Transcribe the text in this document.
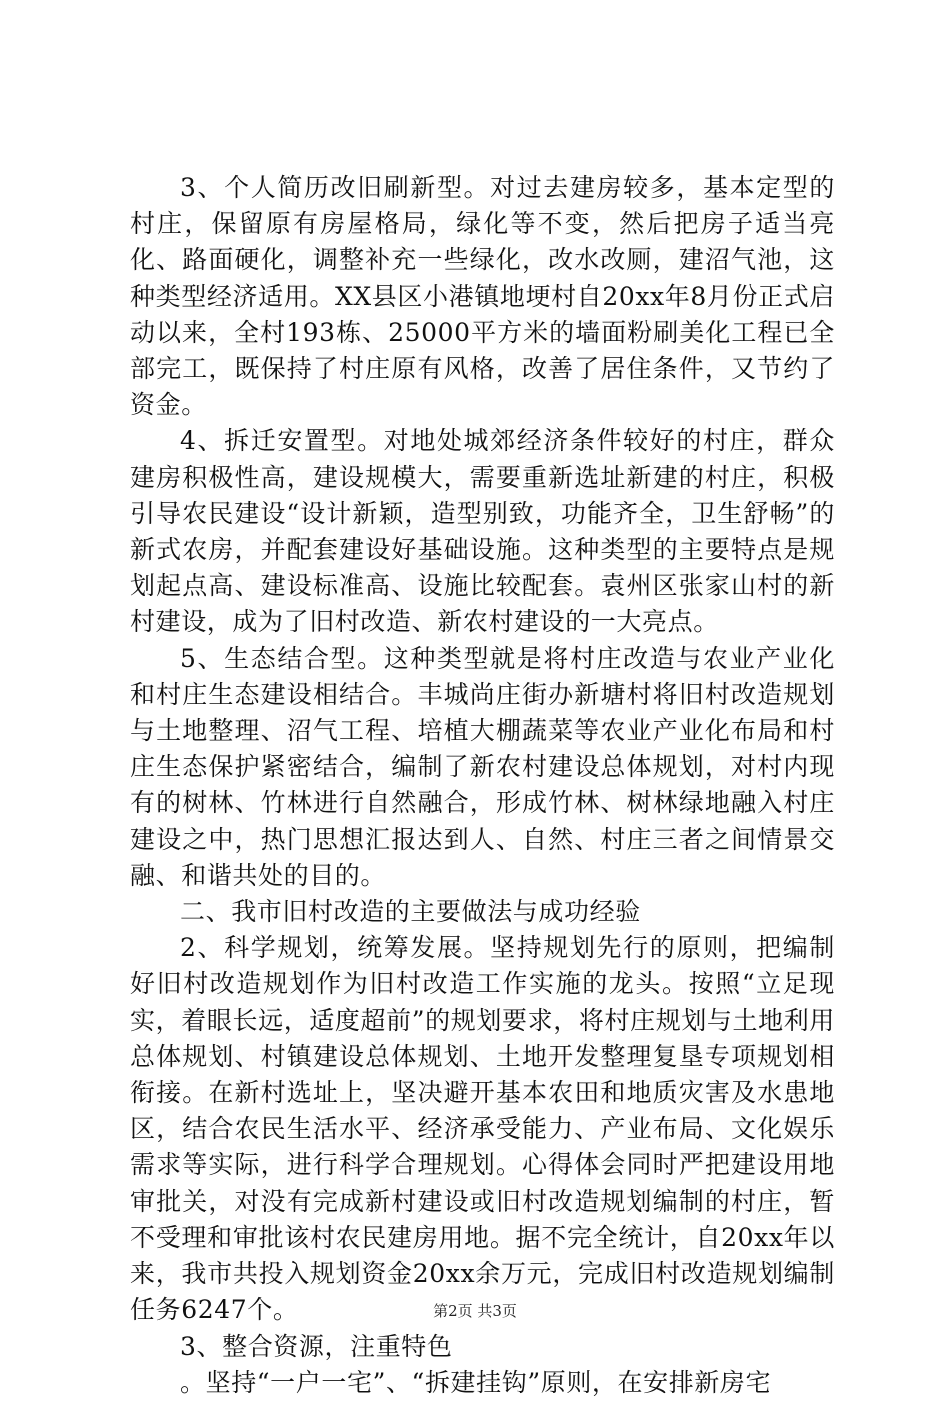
3、个人简历改旧刷新型。对过去建房较多，基本定型的村庄，保留原有房屋格局，绿化等不变，然后把房子适当亮化、路面硬化，调整补充一些绿化，改水改厕，建沼气池，这种类型经济适用。XX县区小港镇地埂村自20xx年8月份正式启动以来，全村193栋、25000平方米的墙面粉刷美化工程已全部完工，既保持了村庄原有风格，改善了居住条件，又节约了资金。

4、拆迁安置型。对地处城郊经济条件较好的村庄，群众建房积极性高，建设规模大，需要重新选址新建的村庄，积极引导农民建设“设计新颖，造型别致，功能齐全，卫生舒畅”的新式农房，并配套建设好基础设施。这种类型的主要特点是规划起点高、建设标准高、设施比较配套。袁州区张家山村的新村建设，成为了旧村改造、新农村建设的一大亮点。

5、生态结合型。这种类型就是将村庄改造与农业产业化和村庄生态建设相结合。丰城尚庄街办新塘村将旧村改造规划与土地整理、沼气工程、培植大棚蔬菜等农业产业化布局和村庄生态保护紧密结合，编制了新农村建设总体规划，对村内现有的树林、竹林进行自然融合，形成竹林、树林绿地融入村庄建设之中，热门思想汇报达到人、自然、村庄三者之间情景交融、和谐共处的目的。

二、我市旧村改造的主要做法与成功经验

2、科学规划，统筹发展。坚持规划先行的原则，把编制好旧村改造规划作为旧村改造工作实施的龙头。按照“立足现实，着眼长远，适度超前”的规划要求，将村庄规划与土地利用总体规划、村镇建设总体规划、土地开发整理复垦专项规划相衔接。在新村选址上，坚决避开基本农田和地质灾害及水患地区，结合农民生活水平、经济承受能力、产业布局、文化娱乐需求等实际，进行科学合理规划。心得体会同时严把建设用地审批关，对没有完成新村建设或旧村改造规划编制的村庄，暂不受理和审批该村农民建房用地。据不完全统计，自20xx年以来，我市共投入规划资金20xx余万元，完成旧村改造规划编制任务6247个。

3、整合资源，注重特色

。坚持“一户一宅”、“拆建挂钩”原则，在安排新房宅

第2页 共3页
